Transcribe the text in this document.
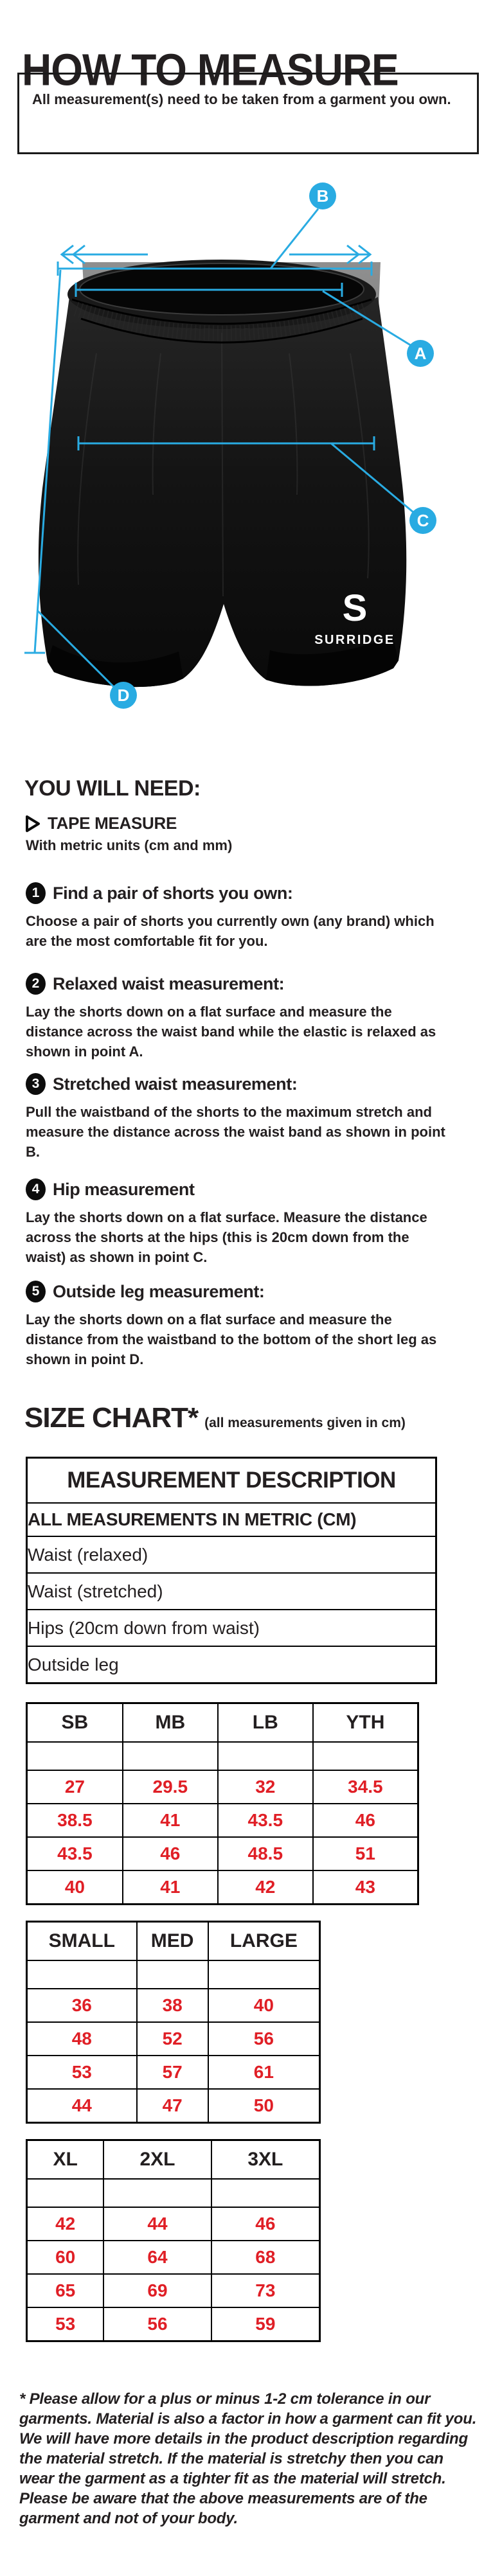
HOW TO MEASURE

All measurement(s) need to be taken from a garment you own.

S
SURRIDGE
B
A
C
D
YOU WILL NEED:
TAPE MEASURE
With metric units (cm and mm)
1 Find a pair of shorts you own:

Choose a pair of shorts you currently own (any brand) which are the most comfortable fit for you.

2 Relaxed waist measurement:

Lay the shorts down on a flat surface and measure the distance across the waist band while the elastic is relaxed as shown in point A.

3 Stretched waist measurement:

Pull the waistband of the shorts to the maximum stretch and measure the distance across the waist band as shown in point B.

4 Hip measurement

Lay the shorts down on a flat surface. Measure the distance across the shorts at the hips (this is 20cm down from the waist) as shown in point C.

5 Outside leg measurement:

Lay the shorts down on a flat surface and measure the distance from the waistband to the bottom of the short leg as shown in point D.

SIZE CHART* (all measurements given in cm)
MEASUREMENT DESCRIPTION
ALL MEASUREMENTS IN METRIC (CM)
Waist (relaxed)
Waist (stretched)
Hips (20cm down from waist)
Outside leg
SB	MB	LB	YTH

27	29.5	32	34.5
38.5	41	43.5	46
43.5	46	48.5	51
40	41	42	43
SMALL	MED	LARGE

36	38	40
48	52	56
53	57	61
44	47	50
XL	2XL	3XL

42	44	46
60	64	68
65	69	73
53	56	59

* Please allow for a plus or minus 1-2 cm tolerance in our garments. Material is also a factor in how a garment can fit you. We will have more details in the product description regarding the material stretch. If the material is stretchy then you can wear the garment as a tighter fit as the material will stretch. Please be aware that the above measurements are of the garment and not of your body.
